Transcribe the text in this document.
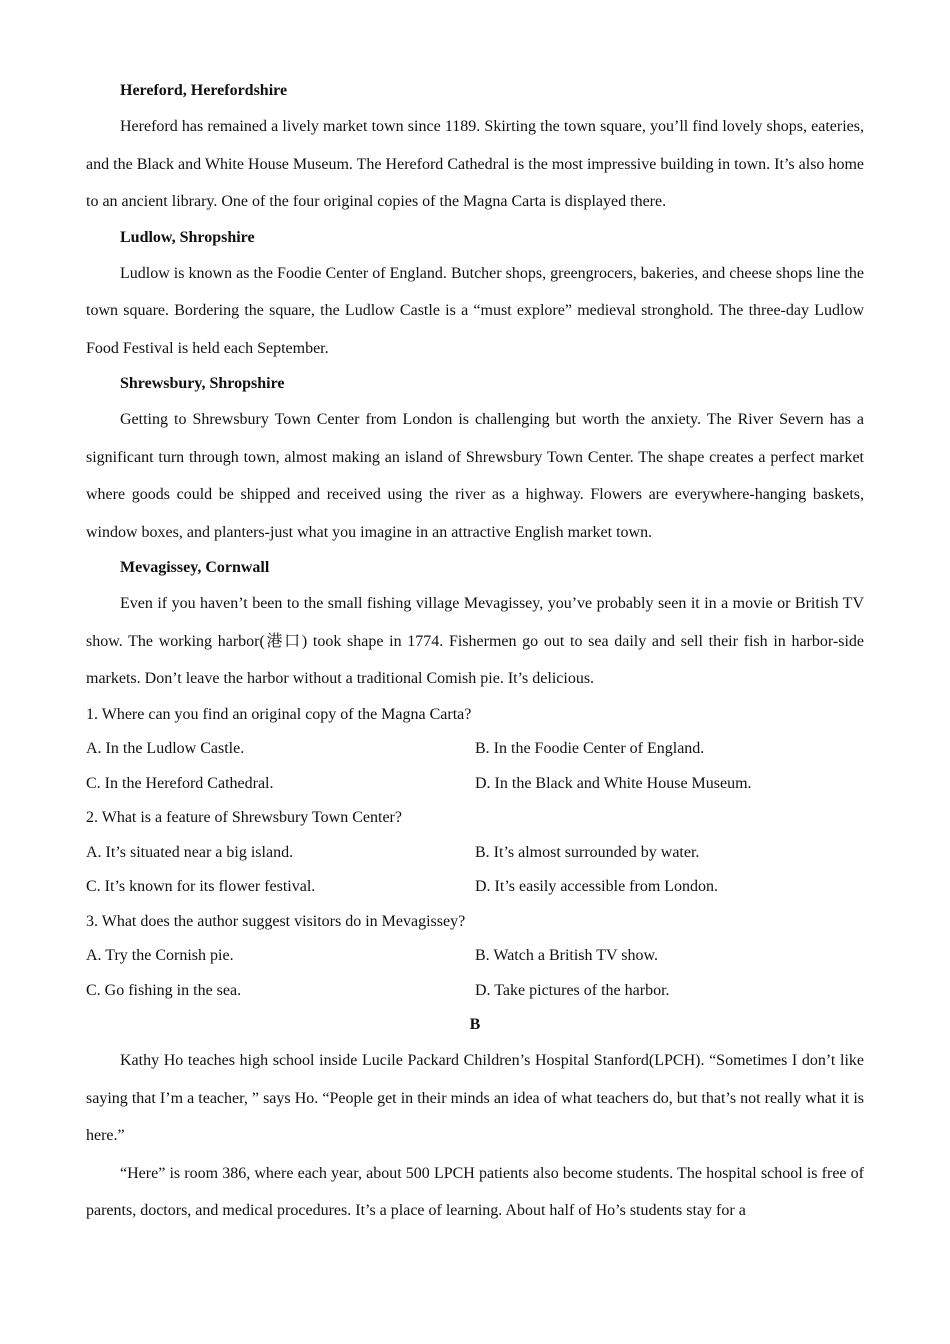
Hereford, Herefordshire

Hereford has remained a lively market town since 1189. Skirting the town square, you’ll find lovely shops, eateries, and the Black and White House Museum. The Hereford Cathedral is the most impressive building in town. It’s also home to an ancient library. One of the four original copies of the Magna Carta is displayed there.

Ludlow, Shropshire

Ludlow is known as the Foodie Center of England. Butcher shops, greengrocers, bakeries, and cheese shops line the town square. Bordering the square, the Ludlow Castle is a “must explore” medieval stronghold. The three-day Ludlow Food Festival is held each September.

Shrewsbury, Shropshire

Getting to Shrewsbury Town Center from London is challenging but worth the anxiety. The River Severn has a significant turn through town, almost making an island of Shrewsbury Town Center. The shape creates a perfect market where goods could be shipped and received using the river as a highway. Flowers are everywhere-hanging baskets, window boxes, and planters-just what you imagine in an attractive English market town.

Mevagissey, Cornwall

Even if you haven’t been to the small fishing village Mevagissey, you’ve probably seen it in a movie or British TV show. The working harbor(港口) took shape in 1774. Fishermen go out to sea daily and sell their fish in harbor-side markets. Don’t leave the harbor without a traditional Comish pie. It’s delicious.

1. Where can you find an original copy of the Magna Carta?

A. In the Ludlow Castle.	B. In the Foodie Center of England.
C. In the Hereford Cathedral.	D. In the Black and White House Museum.

2. What is a feature of Shrewsbury Town Center?

A. It’s situated near a big island.	B. It’s almost surrounded by water.
C. It’s known for its flower festival.	D. It’s easily accessible from London.

3. What does the author suggest visitors do in Mevagissey?

A. Try the Cornish pie.	B. Watch a British TV show.
C. Go fishing in the sea.	D. Take pictures of the harbor.

B

Kathy Ho teaches high school inside Lucile Packard Children’s Hospital Stanford(LPCH). “Sometimes I don’t like saying that I’m a teacher, ” says Ho. “People get in their minds an idea of what teachers do, but that’s not really what it is here.”

“Here” is room 386, where each year, about 500 LPCH patients also become students. The hospital school is free of parents, doctors, and medical procedures. It’s a place of learning. About half of Ho’s students stay for a
